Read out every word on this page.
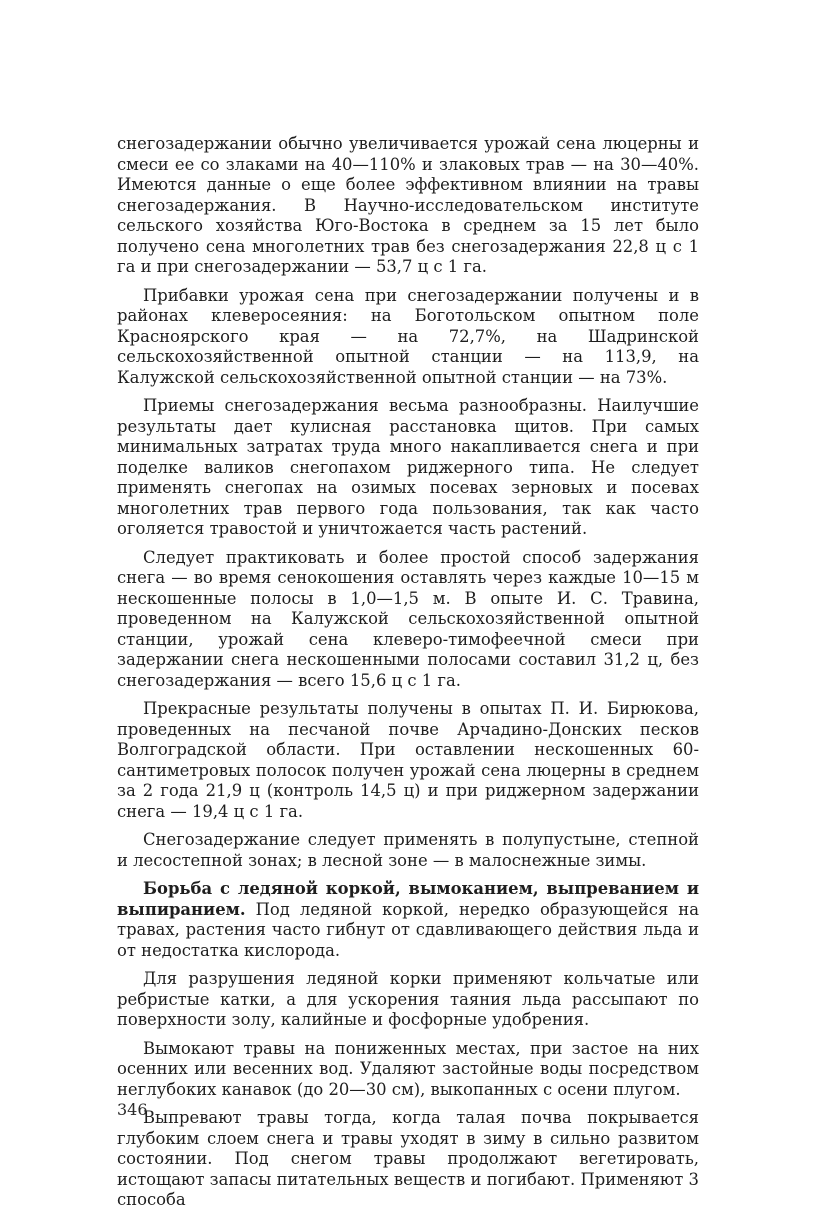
снегозадержании обычно увеличивается урожай сена люцерны и смеси ее со злаками на 40—110% и злаковых трав — на 30—40%. Имеются данные о еще более эффективном влиянии на травы снегозадержания. В Научно-исследовательском институте сельского хозяйства Юго-Востока в среднем за 15 лет было получено сена многолетних трав без снегозадержания 22,8 ц с 1 га и при снегозадержании — 53,7 ц с 1 га.

Прибавки урожая сена при снегозадержании получены и в районах клеверосеяния: на Боготольском опытном поле Красноярского края — на 72,7%, на Шадринской сельскохозяйственной опытной станции — на 113,9, на Калужской сельскохозяйственной опытной станции — на 73%.

Приемы снегозадержания весьма разнообразны. Наилучшие результаты дает кулисная расстановка щитов. При самых минимальных затратах труда много накапливается снега и при поделке валиков снегопахом риджерного типа. Не следует применять снегопах на озимых посевах зерновых и посевах многолетних трав первого года пользования, так как часто оголяется травостой и уничтожается часть растений.

Следует практиковать и более простой способ задержания снега — во время сенокошения оставлять через каждые 10—15 м нескошенные полосы в 1,0—1,5 м. В опыте И. С. Травина, проведенном на Калужской сельскохозяйственной опытной станции, урожай сена клеверо-тимофеечной смеси при задержании снега нескошенными полосами составил 31,2 ц, без снегозадержания — всего 15,6 ц с 1 га.

Прекрасные результаты получены в опытах П. И. Бирюкова, проведенных на песчаной почве Арчадино-Донских песков Волгоградской области. При оставлении нескошенных 60-сантиметровых полосок получен урожай сена люцерны в среднем за 2 года 21,9 ц (контроль 14,5 ц) и при риджерном задержании снега — 19,4 ц с 1 га.

Снегозадержание следует применять в полупустыне, степной и лесостепной зонах; в лесной зоне — в малоснежные зимы.

Борьба с ледяной коркой, вымоканием, выпреванием и выпиранием. Под ледяной коркой, нередко образующейся на травах, растения часто гибнут от сдавливающего действия льда и от недостатка кислорода.

Для разрушения ледяной корки применяют кольчатые или ребристые катки, а для ускорения таяния льда рассыпают по поверхности золу, калийные и фосфорные удобрения.

Вымокают травы на пониженных местах, при застое на них осенних или весенних вод. Удаляют застойные воды посредством неглубоких канавок (до 20—30 см), выкопанных с осени плугом.

Выпревают травы тогда, когда талая почва покрывается глубоким слоем снега и травы уходят в зиму в сильно развитом состоянии. Под снегом травы продолжают вегетировать, истощают запасы питательных веществ и погибают. Применяют 3 способа

346
